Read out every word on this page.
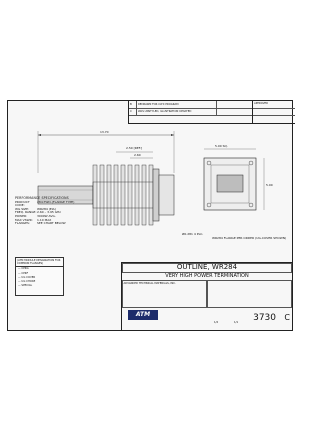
B	REDRAWN FOR CLTX PROGRAM
C	WAS UNSTYLED, ILLUSTRATION UPDATED
APPROVED
13.70
2.50 [REF.]
2.60
5.00 SQ.
5.00
Ø0.281 4 PLC.
WR284 FLANGE PER ORDER (UG-COVER SHOWN)
PERFORMANCE SPECIFICATIONS
PRODUCT CODE:
284-TWD-(FLANGE TYPE)
WG SIZE:	WR284 (EIA)
FREQ. RANGE: 2.60 – 3.95 GHz
POWER:	3000W AVG.
MAX VSWR:	1.10 MAX
FLANGES:	SEE CHART BELOW
(ATM MODULE DESIGNATION FOR COMMON FLANGES)
— CPRG
— CPRF
— UG COVER
— UG CHOKE
— SPECIAL
OUTLINE, WR284
VERY HIGH POWER TERMINATION
ADVANCED TECHNICAL MATERIALS, INC.
ATM
1/2	1/1 3730 C
